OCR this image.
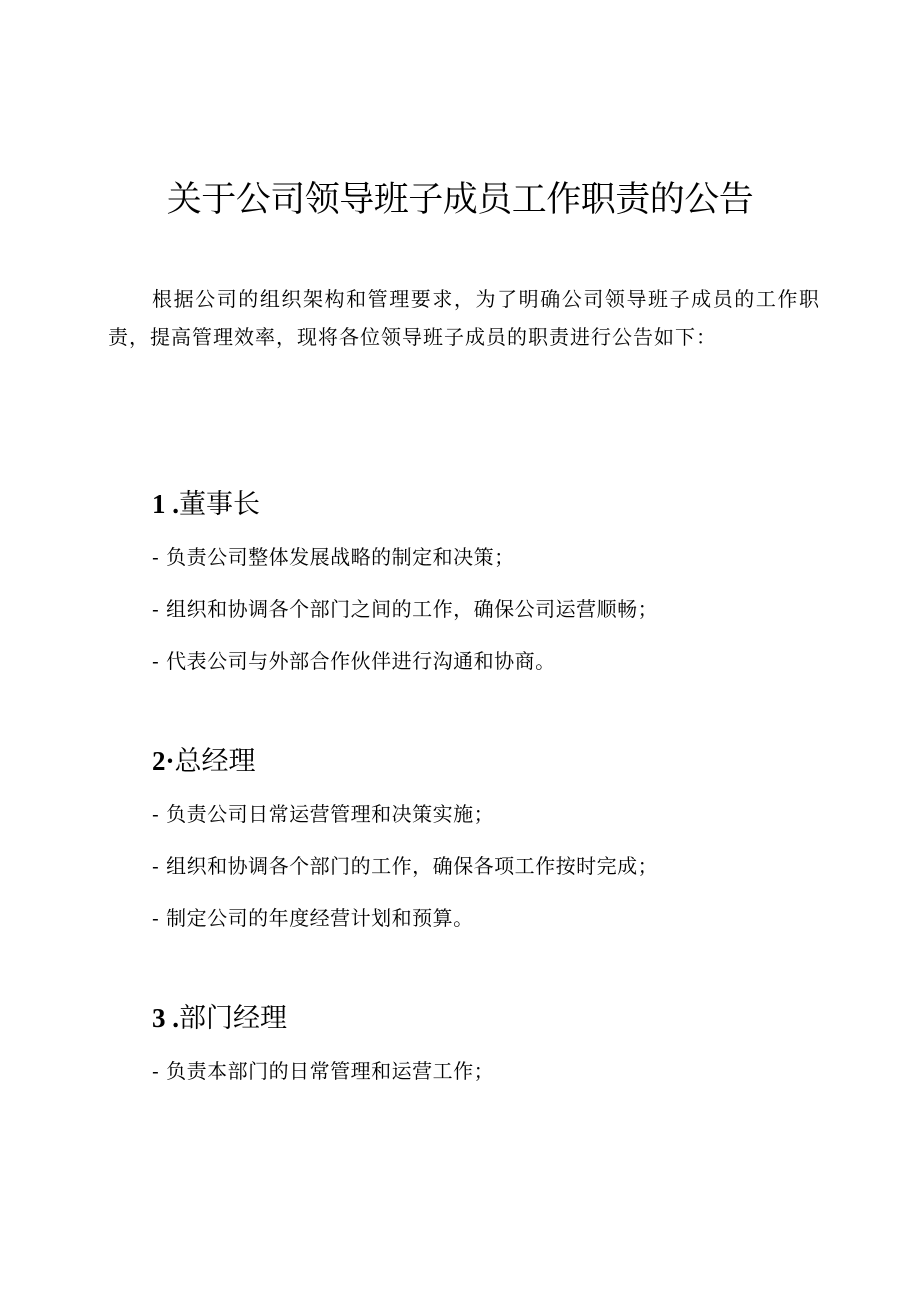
关于公司领导班子成员工作职责的公告

根据公司的组织架构和管理要求，为了明确公司领导班子成员的工作职责，提高管理效率，现将各位领导班子成员的职责进行公告如下：

1 .董事长
- 负责公司整体发展战略的制定和决策；
- 组织和协调各个部门之间的工作，确保公司运营顺畅；
- 代表公司与外部合作伙伴进行沟通和协商。
2·总经理
- 负责公司日常运营管理和决策实施；
- 组织和协调各个部门的工作，确保各项工作按时完成；
- 制定公司的年度经营计划和预算。
3 .部门经理
- 负责本部门的日常管理和运营工作；
